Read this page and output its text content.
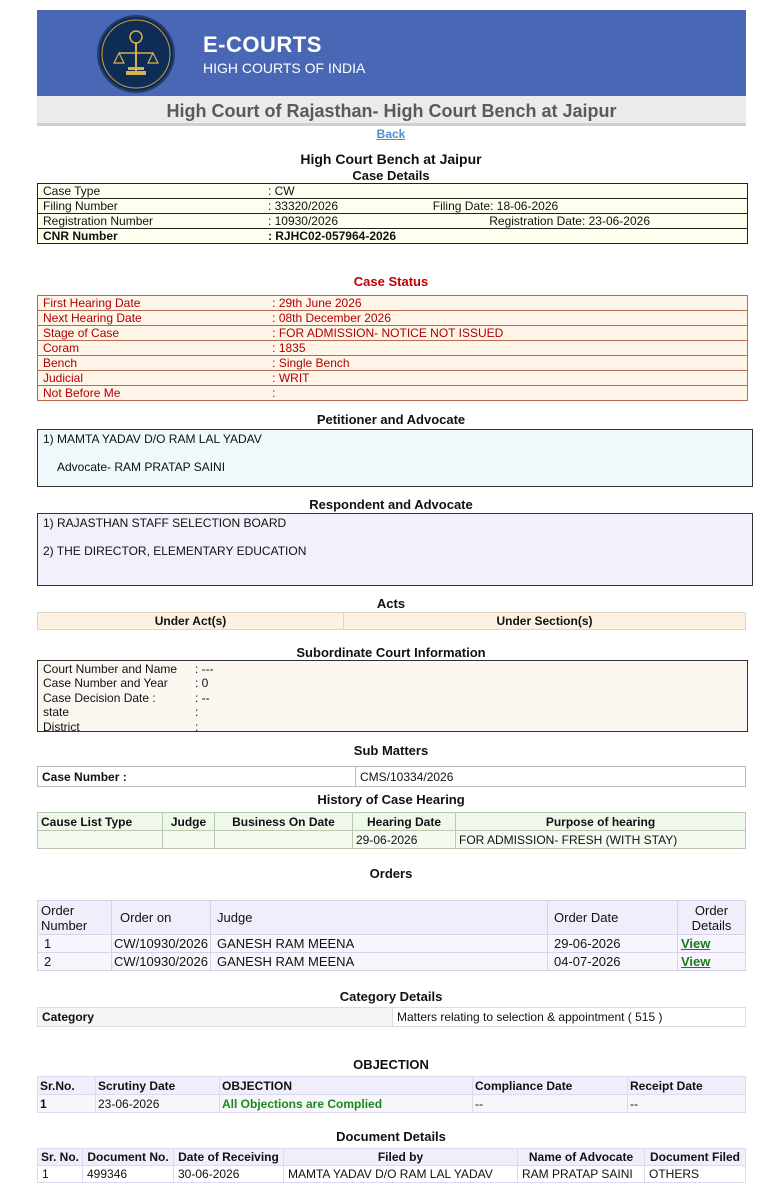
E-COURTS
HIGH COURTS OF INDIA
High Court of Rajasthan- High Court Bench at Jaipur
Back
High Court Bench at Jaipur
Case Details
Case Type	: CW	
Filing Number	: 33320/2026	Filing Date: 18-06-2026
Registration Number	: 10930/2026	Registration Date: 23-06-2026
CNR Number	: RJHC02-057964-2026	
Case Status
First Hearing Date	: 29th June 2026
Next Hearing Date	: 08th December 2026
Stage of Case	: FOR ADMISSION- NOTICE NOT ISSUED
Coram	: 1835
Bench	: Single Bench
Judicial	: WRIT
Not Before Me	:
Petitioner and Advocate
1) MAMTA YADAV D/O RAM LAL YADAV
Advocate- RAM PRATAP SAINI
Respondent and Advocate
1) RAJASTHAN STAFF SELECTION BOARD
2) THE DIRECTOR, ELEMENTARY EDUCATION
Acts
Under Act(s)	Under Section(s)
Subordinate Court Information
Court Number and Name	: ---
Case Number and Year	: 0
Case Decision Date :	: --
state	:
District	:
Sub Matters
Case Number :	CMS/10334/2026
History of Case Hearing
Cause List Type	Judge	Business On Date	Hearing Date	Purpose of hearing
			29-06-2026	FOR ADMISSION- FRESH (WITH STAY)
Orders
Order Number	Order on	Judge	Order Date	Order Details
1	CW/10930/2026	GANESH RAM MEENA	29-06-2026	View
2	CW/10930/2026	GANESH RAM MEENA	04-07-2026	View
Category Details
Category	Matters relating to selection & appointment ( 515 )
OBJECTION
Sr.No.	Scrutiny Date	OBJECTION	Compliance Date	Receipt Date
1	23-06-2026	All Objections are Complied	--	--
Document Details
Sr. No.	Document No.	Date of Receiving	Filed by	Name of Advocate	Document Filed
1	499346	30-06-2026	MAMTA YADAV D/O RAM LAL YADAV	RAM PRATAP SAINI	OTHERS
